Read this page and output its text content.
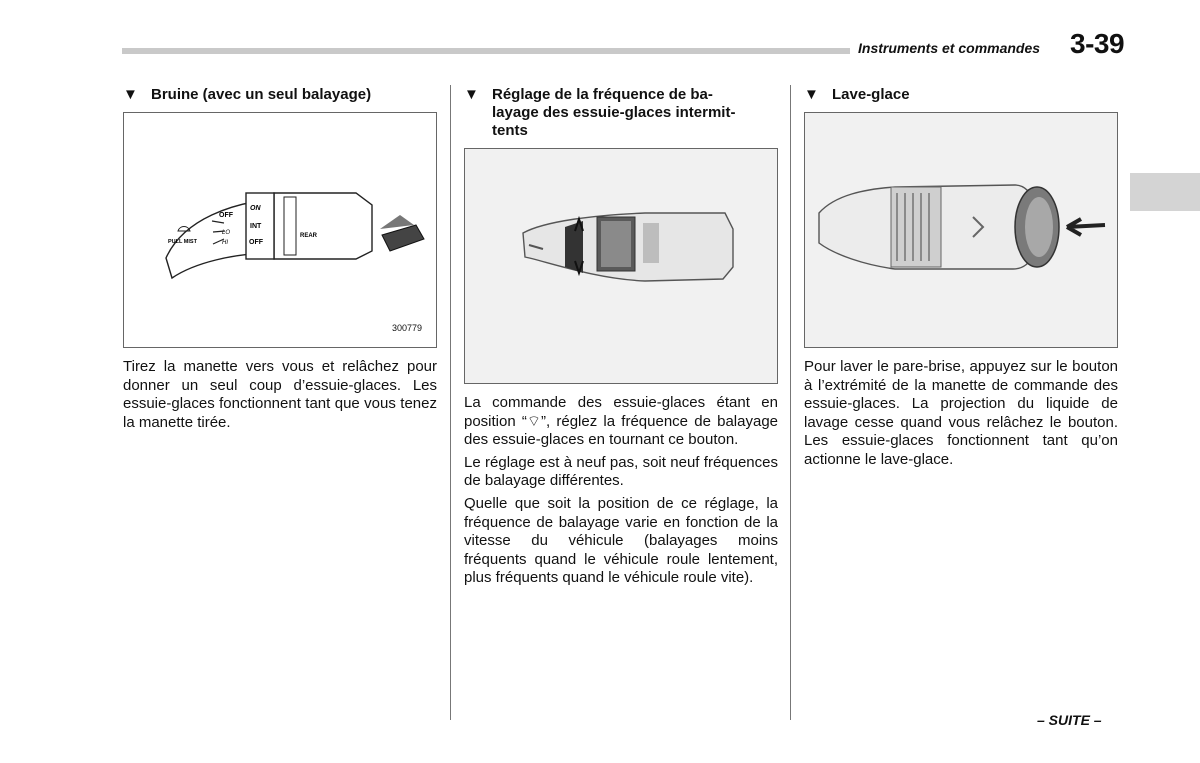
Instruments et commandes 3-39
▼ Bruine (avec un seul balayage)
OFF
LO
HI
PULL MIST
ON
INT
OFF
REAR
300779

Tirez la manette vers vous et relâchez pour donner un seul coup d’essuie-glaces. Les essuie-glaces fonctionnent tant que vous tenez la manette tirée.

▼ Réglage de la fréquence de ba-
layage des essuie-glaces intermit-
tents

La commande des essuie-glaces étant en position “⌔”, réglez la fréquence de balayage des essuie-glaces en tournant ce bouton.

Le réglage est à neuf pas, soit neuf fréquences de balayage différentes.

Quelle que soit la position de ce réglage, la fréquence de balayage varie en fonction de la vitesse du véhicule (balayages moins fréquents quand le véhicule roule lentement, plus fréquents quand le véhicule roule vite).

▼ Lave-glace

Pour laver le pare-brise, appuyez sur le bouton à l’extrémité de la manette de commande des essuie-glaces. La projection du liquide de lavage cesse quand vous relâchez le bouton. Les essuie-glaces fonctionnent tant qu’on actionne le lave-glace.

– SUITE –
